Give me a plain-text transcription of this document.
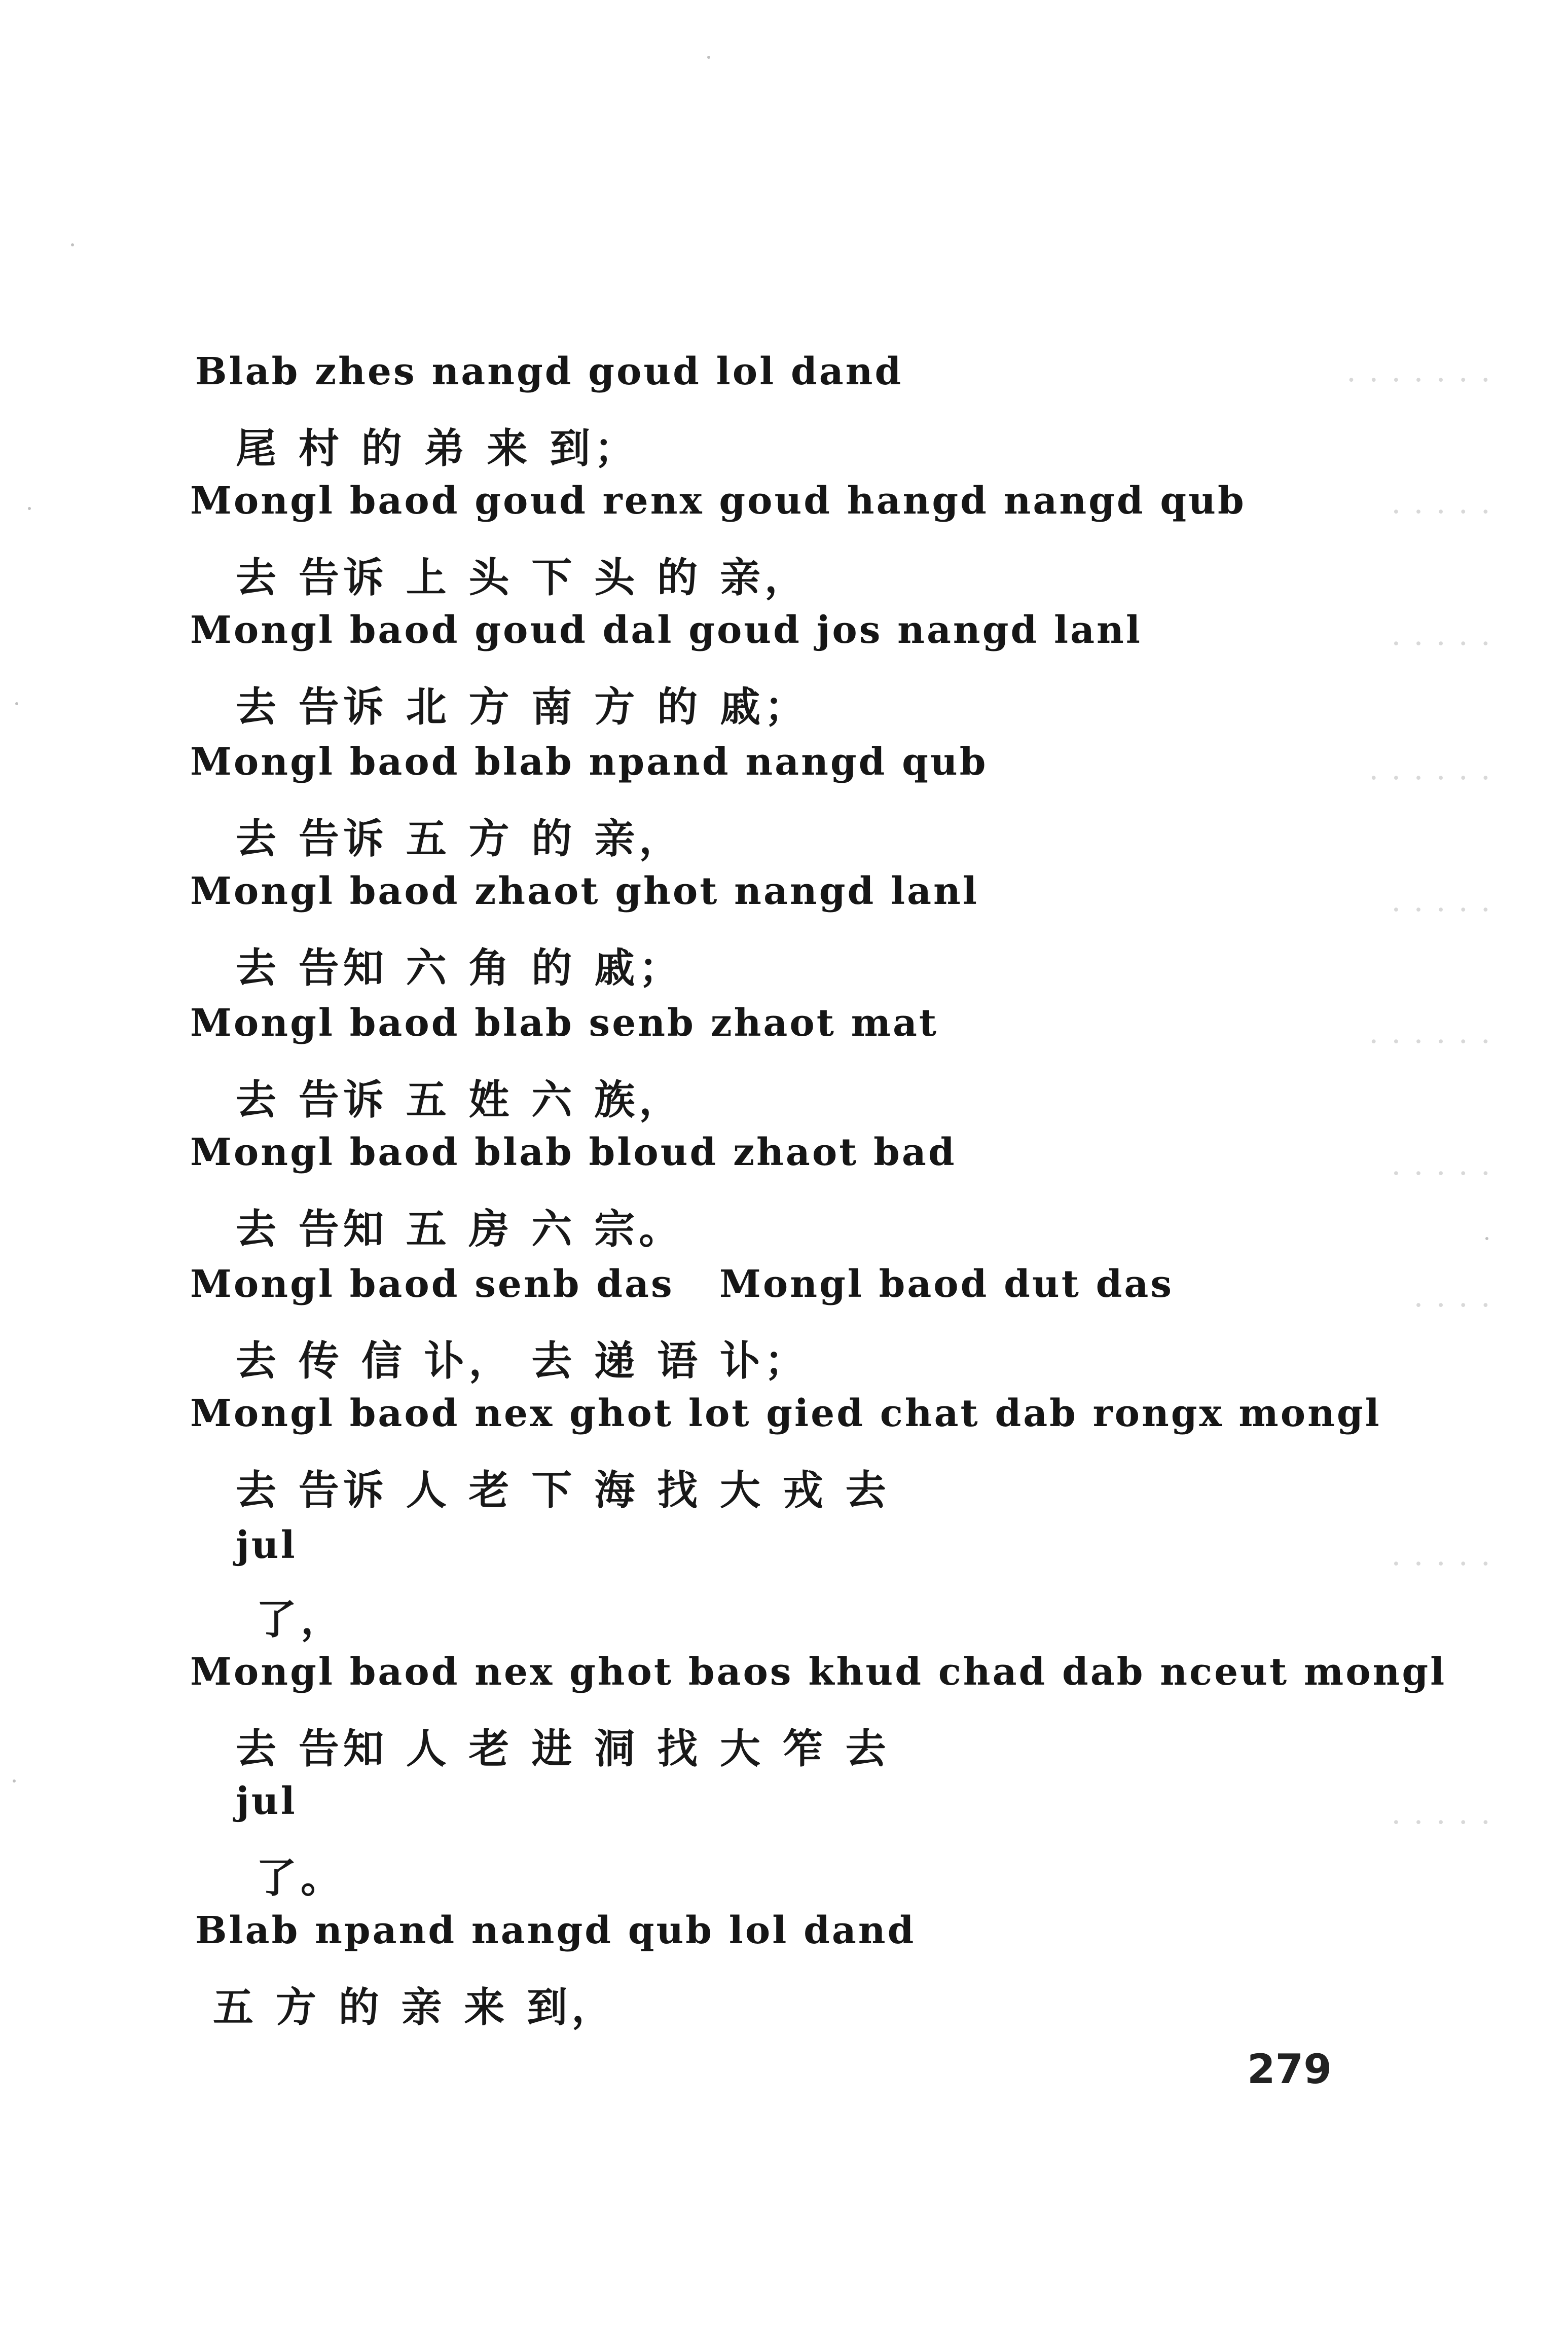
· · · · · · ·
· · · · ·
· · · · ·
· · · · · ·
· · · · ·
· · · · · ·
· · · · ·
· · · ·
· · · · ·
· · · · ·

Blab zhes nangd goud lol dand

尾 村 的 弟 来 到；

Mongl baod goud renx goud hangd nangd qub

去 告诉 上 头 下 头 的 亲，

Mongl baod goud dal goud jos nangd lanl

去 告诉 北 方 南 方 的 戚；

Mongl baod blab npand nangd qub

去 告诉 五 方 的 亲，

Mongl baod zhaot ghot nangd lanl

去 告知 六 角 的 戚；

Mongl baod blab senb zhaot mat

去 告诉 五 姓 六 族，

Mongl baod blab bloud zhaot bad

去 告知 五 房 六 宗。

Mongl baod senb das   Mongl baod dut das

去 传 信 讣， 去 递 语 讣；

Mongl baod nex ghot lot gied chat dab rongx mongl

去 告诉 人 老 下 海 找 大 戎 去

jul

了，

Mongl baod nex ghot baos khud chad dab nceut mongl

去 告知 人 老 进 洞 找 大 笮 去

jul

了。

Blab npand nangd qub lol dand

五 方 的 亲 来 到，

279
